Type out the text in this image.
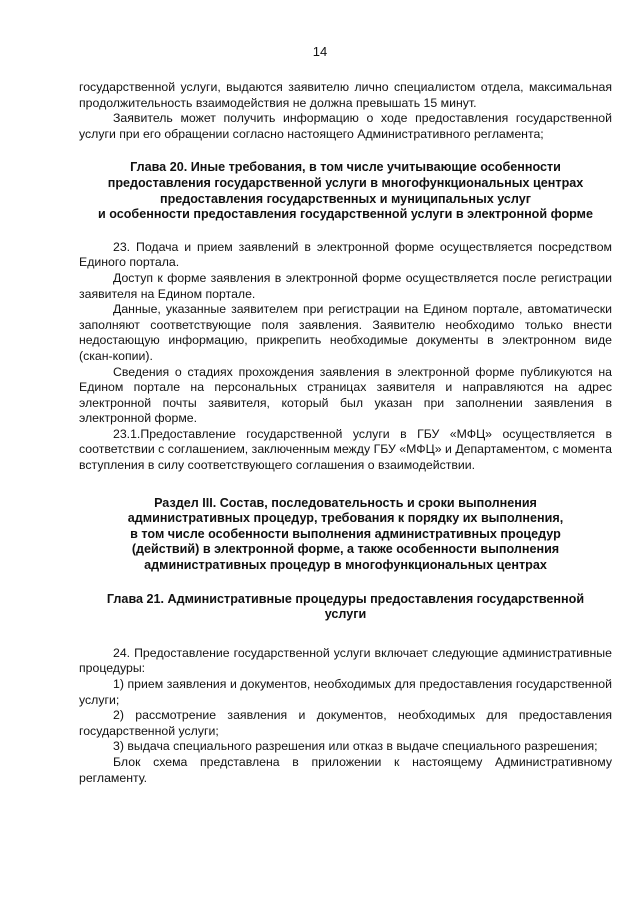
14

государственной услуги, выдаются заявителю лично специалистом отдела, максимальная продолжительность взаимодействия не должна превышать 15 минут.

Заявитель может получить информацию о ходе предоставления государственной услуги при его обращении согласно настоящего Административного регламента;

Глава 20. Иные требования, в том числе учитывающие особенности
предоставления государственной услуги в многофункциональных центрах
предоставления государственных и муниципальных услуг
и особенности предоставления государственной услуги в электронной форме

23. Подача и прием заявлений в электронной форме осуществляется посредством Единого портала.

Доступ к форме заявления в электронной форме осуществляется после регистрации заявителя на Едином портале.

Данные, указанные заявителем при регистрации на Едином портале, автоматически заполняют соответствующие поля заявления. Заявителю необходимо только внести недостающую информацию, прикрепить необходимые документы в электронном виде (скан-копии).

Сведения о стадиях прохождения заявления в электронной форме публикуются на Едином портале на персональных страницах заявителя и направляются на адрес электронной почты заявителя, который был указан при заполнении заявления в электронной форме.

23.1.Предоставление государственной услуги в ГБУ «МФЦ» осуществляется в соответствии с соглашением, заключенным между ГБУ «МФЦ» и Департаментом, с момента вступления в силу соответствующего соглашения о взаимодействии.

Раздел III. Состав, последовательность и сроки выполнения
административных процедур, требования к порядку их выполнения,
в том числе особенности выполнения административных процедур
(действий) в электронной форме, а также особенности выполнения
административных процедур в многофункциональных центрах
Глава 21. Административные процедуры предоставления государственной
услуги

24. Предоставление государственной услуги включает следующие административные процедуры:

1) прием заявления и документов, необходимых для предоставления государственной услуги;

2) рассмотрение заявления и документов, необходимых для предоставления государственной услуги;

3) выдача специального разрешения или отказ в выдаче специального разрешения;

Блок схема представлена в приложении к настоящему Административному регламенту.
